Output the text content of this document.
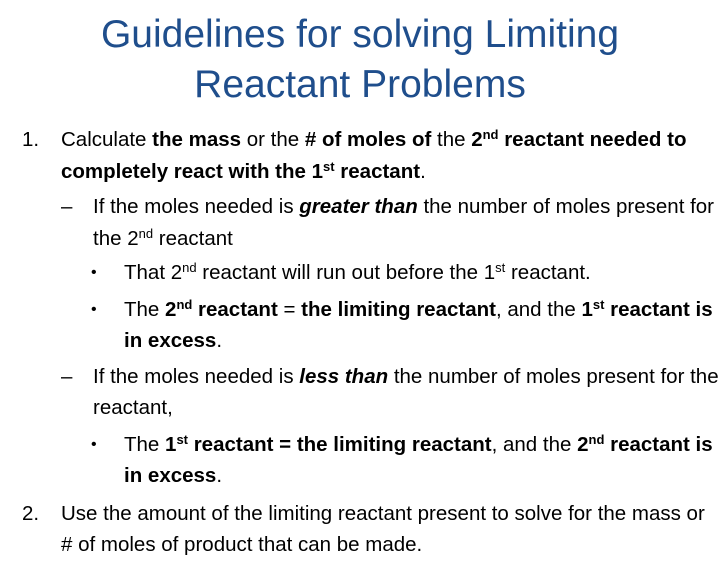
Guidelines for solving Limiting
Reactant Problems
1. Calculate the mass or the # of moles of the 2nd reactant needed to completely react with the 1st reactant.
– If the moles needed is greater than the number of moles present for the 2nd reactant
• That 2nd reactant will run out before the 1st reactant.
• The 2nd reactant = the limiting reactant, and the 1st reactant is in excess.
– If the moles needed is less than the number of moles present for the reactant,
• The 1st reactant = the limiting reactant, and the 2nd reactant is in excess.
2. Use the amount of the limiting reactant present to solve for the mass or # of moles of product that can be made.
